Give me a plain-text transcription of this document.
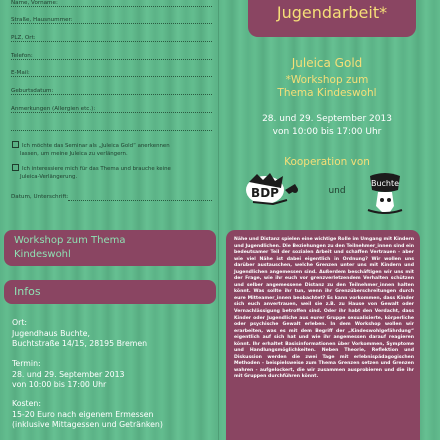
Name, Vorname:
Straße, Hausnummer:
PLZ, Ort:
Telefon:
E-Mail:
Geburtsdatum:
Anmerkungen (Allergien etc.):
Ich möchte das Seminar als „Juleica Gold“ anerkennen
lassen, um meine Juleica zu verlängern.
Ich interessiere mich für das Thema und brauche keine
Juleica-Verlängerung.
Datum, Unterschrift:
Jugendarbeit*
Juleica Gold
*Workshop zum
Thema Kindeswohl
28. und 29. September 2013
von 10:00 bis 17:00 Uhr
Kooperation von
BDP	und
Buchte
Workshop zum Thema
Kindeswohl
Infos
Ort:
Jugendhaus Buchte,
Buchtstraße 14/15, 28195 Bremen
Termin:
28. und 29. September 2013
von 10:00 bis 17:00 Uhr
Kosten:
15-20 Euro nach eigenem Ermessen
(inklusive Mittagessen und Getränken)

Nähe und Distanz spielen eine wichtige Rolle im Umgang mit Kindern und Jugendlichen. Die Beziehungen zu den Teilnehmer_innen sind ein bedeutsamer Teil der sozialen Arbeit und schaffen Vertrauen - aber wie viel Nähe ist dabei eigentlich in Ordnung? Wir wollen uns darüber austauschen, welche Grenzen unter uns mit Kindern und Jugendlichen angemessen sind. Außerdem beschäftigen wir uns mit der Frage, wie ihr euch vor grenzverletzendem Verhalten schützen und selber angemessene Distanz zu den Teilnehmer_innen halten könnt. Was sollte ihr tun, wenn ihr Grenzüberschreitungen durch eure Mitteamer_innen beobachtet? Es kann vorkommen, dass Kinder sich euch anvertrauen, weil sie z.B. zu Hause von Gewalt oder Vernachlässigung betroffen sind. Oder ihr habt den Verdacht, dass Kinder oder Jugendliche aus eurer Gruppe sexualisierte, körperliche oder psychische Gewalt erleben. In dem Workshop wollen wir erarbeiten, was es mit dem Begriff der „Kindeswohlgefährdung“ eigentlich auf sich hat und wie ihr angemessen darauf reagieren könnt. Ihr erhaltet Basisinformationen über Vorkommen, Symptome und Handlungsmöglichkeiten. Neben Theorie, Reflektion und Diskussion werden die zwei Tage mit erlebnispädagogischen Methoden - beispielsweise zum Thema Grenzen setzen und Grenzen wahren - aufgelockert, die wir zusammen ausprobieren und die ihr mit Gruppen durchführen könnt.
